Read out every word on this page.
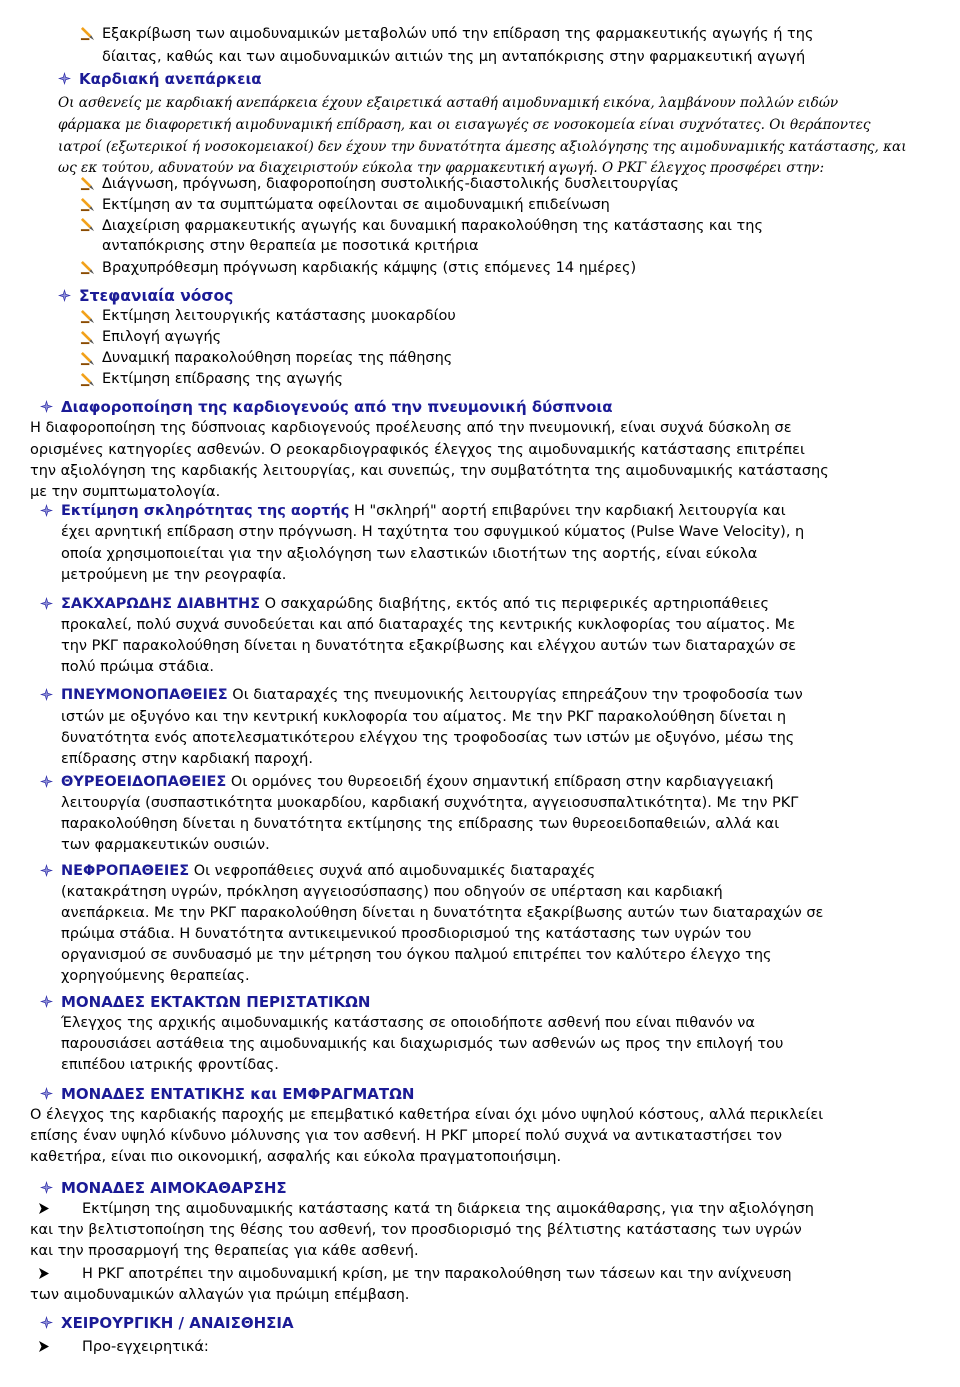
Εξακρίβωση των αιμοδυναμικών μεταβολών υπό την επίδραση της φαρμακευτικής αγωγής ή της
δίαιτας, καθώς και των αιμοδυναμικών αιτιών της μη ανταπόκρισης στην φαρμακευτική αγωγή
Καρδιακή ανεπάρκεια
Οι ασθενείς με καρδιακή ανεπάρκεια έχουν εξαιρετικά ασταθή αιμοδυναμική εικόνα, λαμβάνουν πολλών ειδών
φάρμακα με διαφορετική αιμοδυναμική επίδραση, και οι εισαγωγές σε νοσοκομεία είναι συχνότατες. Οι θεράποντες
ιατροί (εξωτερικοί ή νοσοκομειακοί) δεν έχουν την δυνατότητα άμεσης αξιολόγησης της αιμοδυναμικής κατάστασης, και
ως εκ τούτου, αδυνατούν να διαχειριστούν εύκολα την φαρμακευτική αγωγή. Ο ΡΚΓ έλεγχος προσφέρει στην:
Διάγνωση, πρόγνωση, διαφοροποίηση συστολικής-διαστολικής δυσλειτουργίας
Εκτίμηση αν τα συμπτώματα οφείλονται σε αιμοδυναμική επιδείνωση
Διαχείριση φαρμακευτικής αγωγής και δυναμική παρακολούθηση της κατάστασης και της
ανταπόκρισης στην θεραπεία με ποσοτικά κριτήρια
Βραχυπρόθεσμη πρόγνωση καρδιακής κάμψης (στις επόμενες 14 ημέρες)
Στεφανιαία νόσος
Εκτίμηση λειτουργικής κατάστασης μυοκαρδίου
Επιλογή αγωγής
Δυναμική παρακολούθηση πορείας της πάθησης
Εκτίμηση επίδρασης της αγωγής
Διαφοροποίηση της καρδιογενούς από την πνευμονική δύσπνοια
Η διαφοροποίηση της δύσπνοιας καρδιογενούς προέλευσης από την πνευμονική, είναι συχνά δύσκολη σε
ορισμένες κατηγορίες ασθενών. Ο ρεοκαρδιογραφικός έλεγχος της αιμοδυναμικής κατάστασης επιτρέπει
την αξιολόγηση της καρδιακής λειτουργίας, και συνεπώς, την συμβατότητα της αιμοδυναμικής κατάστασης
με την συμπτωματολογία.
Εκτίμηση σκληρότητας της αορτής Η "σκληρή" αορτή επιβαρύνει την καρδιακή λειτουργία και
έχει αρνητική επίδραση στην πρόγνωση. Η ταχύτητα του σφυγμικού κύματος (Pulse Wave Velocity), η
οποία χρησιμοποιείται για την αξιολόγηση των ελαστικών ιδιοτήτων της αορτής, είναι εύκολα
μετρούμενη με την ρεογραφία.
ΣΑΚΧΑΡΩΔΗΣ ΔΙΑΒΗΤΗΣ Ο σακχαρώδης διαβήτης, εκτός από τις περιφερικές αρτηριοπάθειες
προκαλεί, πολύ συχνά συνοδεύεται και από διαταραχές της κεντρικής κυκλοφορίας του αίματος. Με
την ΡΚΓ παρακολούθηση δίνεται η δυνατότητα εξακρίβωσης και ελέγχου αυτών των διαταραχών σε
πολύ πρώιμα στάδια.
ΠΝΕΥΜΟΝΟΠΑΘΕΙΕΣ Οι διαταραχές της πνευμονικής λειτουργίας επηρεάζουν την τροφοδοσία των
ιστών με οξυγόνο και την κεντρική κυκλοφορία του αίματος. Με την ΡΚΓ παρακολούθηση δίνεται η
δυνατότητα ενός αποτελεσματικότερου ελέγχου της τροφοδοσίας των ιστών με οξυγόνο, μέσω της
επίδρασης στην καρδιακή παροχή.
ΘΥΡΕΟΕΙΔΟΠΑΘΕΙΕΣ Οι ορμόνες του θυρεοειδή έχουν σημαντική επίδραση στην καρδιαγγειακή
λειτουργία (συσπαστικότητα μυοκαρδίου, καρδιακή συχνότητα, αγγειοσυσπαλτικότητα). Με την ΡΚΓ
παρακολούθηση δίνεται η δυνατότητα εκτίμησης της επίδρασης των θυρεοειδοπαθειών, αλλά και
των φαρμακευτικών ουσιών.
ΝΕΦΡΟΠΑΘΕΙΕΣ Οι νεφροπάθειες συχνά από αιμοδυναμικές διαταραχές
(κατακράτηση υγρών, πρόκληση αγγειοσύσπασης) που οδηγούν σε υπέρταση και καρδιακή
ανεπάρκεια. Με την ΡΚΓ παρακολούθηση δίνεται η δυνατότητα εξακρίβωσης αυτών των διαταραχών σε
πρώιμα στάδια. Η δυνατότητα αντικειμενικού προσδιορισμού της κατάστασης των υγρών του
οργανισμού σε συνδυασμό με την μέτρηση του όγκου παλμού επιτρέπει τον καλύτερο έλεγχο της
χορηγούμενης θεραπείας.
ΜΟΝΑΔΕΣ ΕΚΤΑΚΤΩΝ ΠΕΡΙΣΤΑΤΙΚΩΝ
Έλεγχος της αρχικής αιμοδυναμικής κατάστασης σε οποιοδήποτε ασθενή που είναι πιθανόν να
παρουσιάσει αστάθεια της αιμοδυναμικής και διαχωρισμός των ασθενών ως προς την επιλογή του
επιπέδου ιατρικής φροντίδας.
ΜΟΝΑΔΕΣ ΕΝΤΑΤΙΚΗΣ και ΕΜΦΡΑΓΜΑΤΩΝ
Ο έλεγχος της καρδιακής παροχής με επεμβατικό καθετήρα είναι όχι μόνο υψηλού κόστους, αλλά περικλείει
επίσης έναν υψηλό κίνδυνο μόλυνσης για τον ασθενή. Η ΡΚΓ μπορεί πολύ συχνά να αντικαταστήσει τον
καθετήρα, είναι πιο οικονομική, ασφαλής και εύκολα πραγματοποιήσιμη.
ΜΟΝΑΔΕΣ ΑΙΜΟΚΑΘΑΡΣΗΣ
Εκτίμηση της αιμοδυναμικής κατάστασης κατά τη διάρκεια της αιμοκάθαρσης, για την αξιολόγηση
και την βελτιστοποίηση της θέσης του ασθενή, τον προσδιορισμό της βέλτιστης κατάστασης των υγρών
και την προσαρμογή της θεραπείας για κάθε ασθενή.
Η ΡΚΓ αποτρέπει την αιμοδυναμική κρίση, με την παρακολούθηση των τάσεων και την ανίχνευση
των αιμοδυναμικών αλλαγών για πρώιμη επέμβαση.
ΧΕΙΡΟΥΡΓΙΚΗ / ΑΝΑΙΣΘΗΣΙΑ
Προ-εγχειρητικά:
